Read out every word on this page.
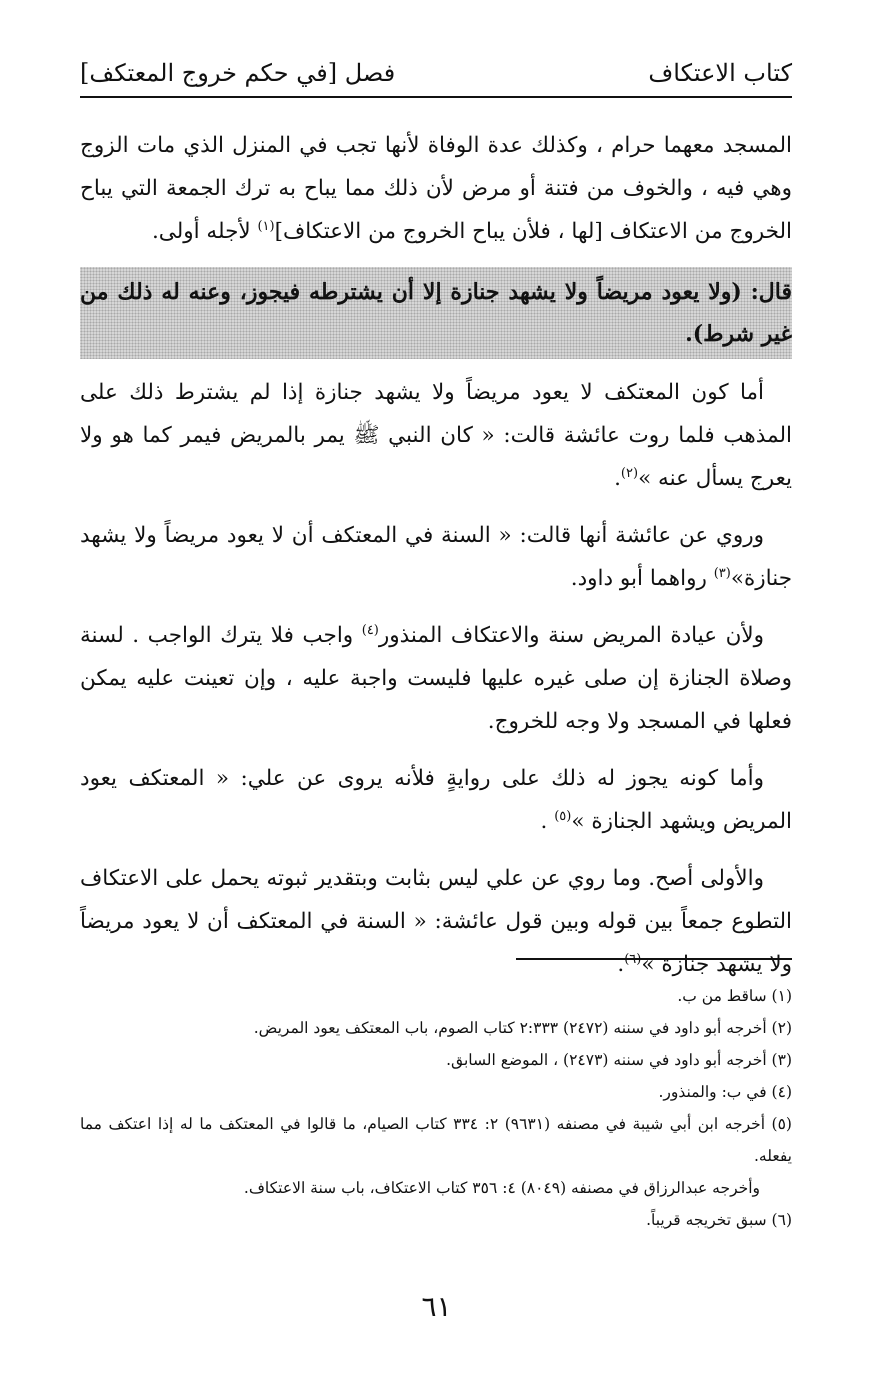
كتاب الاعتكاف
فصل [في حكم خروج المعتكف]

المسجد معهما حرام ، وكذلك عدة الوفاة لأنها تجب في المنزل الذي مات الزوج وهي فيه ، والخوف من فتنة أو مرض لأن ذلك مما يباح به ترك الجمعة التي يباح الخروج من الاعتكاف [لها ، فلأن يباح الخروج من الاعتكاف]$^{(١)}$ لأجله أولى.

قال: (ولا يعود مريضاً ولا يشهد جنازة إلا أن يشترطه فيجوز، وعنه له ذلك من غير شرط).

أما كون المعتكف لا يعود مريضاً ولا يشهد جنازة إذا لم يشترط ذلك على المذهب فلما روت عائشة قالت: « كان النبي ﷺ يمر بالمريض فيمر كما هو ولا يعرج يسأل عنه »$^{(٢)}$.

وروي عن عائشة أنها قالت: « السنة في المعتكف أن لا يعود مريضاً ولا يشهد جنازة»$^{(٣)}$ رواهما أبو داود.

ولأن عيادة المريض سنة والاعتكاف المنذور$^{(٤)}$ واجب فلا يترك الواجب . لسنة وصلاة الجنازة إن صلى غيره عليها فليست واجبة عليه ، وإن تعينت عليه يمكن فعلها في المسجد ولا وجه للخروج.

وأما كونه يجوز له ذلك على روايةٍ فلأنه يروى عن علي: « المعتكف يعود المريض ويشهد الجنازة »$^{(٥)}$ .

والأولى أصح. وما روي عن علي ليس بثابت وبتقدير ثبوته يحمل على الاعتكاف التطوع جمعاً بين قوله وبين قول عائشة: « السنة في المعتكف أن لا يعود مريضاً ولا يشهد جنازة »$^{(٦)}$.

(١) ساقط من ب.

(٢) أخرجه أبو داود في سننه (٢٤٧٢) ٢:٣٣٣ كتاب الصوم، باب المعتكف يعود المريض.

(٣) أخرجه أبو داود في سننه (٢٤٧٣) ، الموضع السابق.

(٤) في ب: والمنذور.

(٥) أخرجه ابن أبي شيبة في مصنفه (٩٦٣١) ٢: ٣٣٤ كتاب الصيام، ما قالوا في المعتكف ما له إذا اعتكف مما يفعله.

وأخرجه عبدالرزاق في مصنفه (٨٠٤٩) ٤: ٣٥٦ كتاب الاعتكاف، باب سنة الاعتكاف.

(٦) سبق تخريجه قريباً.

٦١
